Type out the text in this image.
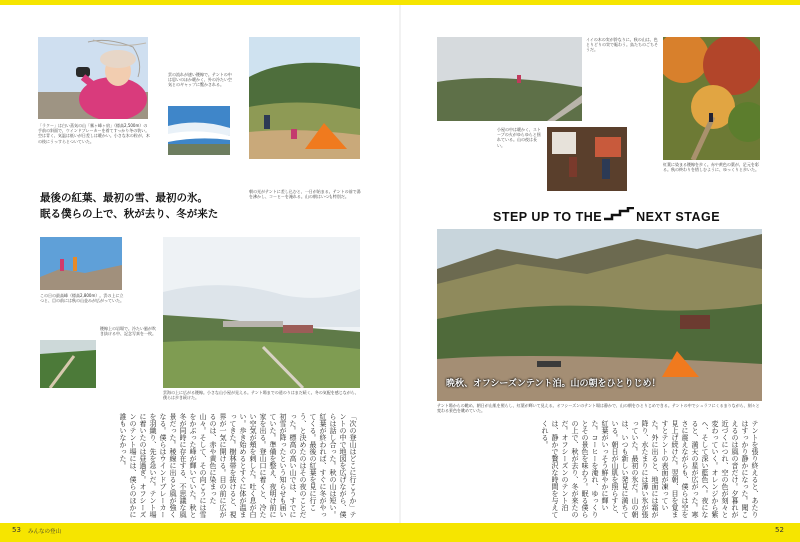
「ラクー」は白い蒸気の山「霧ヶ峰ヶ肩」（標高2,500m）の手前の斜面で、ウインドブレーカーを着てすっかり冬の装い。空は青く、気温は低いが日差しは暖かい。小さな氷の粒が、木の枝にうっすらとついていた。
雲の流れが速い稜線で。テントの中は思いのほか暖かく、外の冷たい空気とのギャップに驚かされる。
朝の光がテントに差し込むと、一日が始まる。テントの前で湯を沸かし、コーヒーを淹れる。山の朝はいつも特別だ。
最後の紅葉、最初の雪、最初の氷。
眠る僕らの上で、秋が去り、冬が来た
この日の最高峰（標高2,800m）。雲の上に立つと、目の前には秋の山並みが広がっていた。
稜線上の岩場で。冷たい風が吹き抜ける中、記念写真を一枚。
雲海の上に広がる稜線。小さな山小屋が見える。テント場までの道のりはまだ続く。冬の気配を感じながら、僕らは歩き続けた。
「次の登山はどこに行こうか」テントの中で地図を広げながら、僕らは話し合った。秋の山は短い。紅葉が終われば、すぐに冬がやってくる。最後の紅葉を見に行こう、と決めたのはその夜のことだった。標高の高い山では、すでに初雪が降ったという知らせも届いていた。準備を整え、夜明け前に家を出る。登山口に着くと、冷たい空気が頬を刺した。吐く息が白い。歩き始めるとすぐに体が温まってきた。樹林帯を抜けると、視界が一気に開ける。目の前に広がるのは、赤や黄色に染まった山々。そして、その向こうには雪をかぶった峰が輝いていた。秋と冬が同時に存在する、不思議な風景だった。稜線に出ると風が強くなる。僕らはウインドブレーカーを羽織り、先を急いだ。テント場に着いたのは昼過ぎ。オフシーズンのテント場には、僕らのほかに誰もいなかった。
イイの木の実が鈴なりに。秋の山は、色とりどりの実で賑わう。鳥たちのごちそうだ。
小屋の中は暖かく、ストーブの火がゆらゆらと揺れている。山の夜は長い。
紅葉に染まる稜線を歩く。赤や黄色の葉が、足元を彩る。秋の終わりを惜しむように、ゆっくりと歩いた。
STEP UP TO THE	NEXT STAGE
晩秋、オフシーズンテント泊。山の朝をひとりじめ！
テント場からの眺め。朝日が山肌を照らし、紅葉が輝いて見える。オフシーズンのテント場は静かで、山の朝をひとりじめできる。テントの中でシュラフにくるまりながら、刻々と変わる景色を眺めていた。
テントを張り終えると、あたりはすっかり静かになった。聞こえるのは風の音だけ。夕暮れが近づくにつれ、空の色が刻々と変わっていく。オレンジから紫へ、そして深い藍色へ。夜になると、満天の星が広がった。寒さに震えながらも、僕らは空を見上げ続けた。翌朝、目を覚ますとテントの表面が凍っていた。外に出ると、地面には霜が降り、水たまりには薄い氷が張っていた。最初の氷だ。山の朝は、いつも新しい発見に満ちている。朝日が山肌を照らすと、紅葉がいっそう鮮やかに輝いた。コーヒーを淹れ、ゆっくりとその景色を味わう。眠る僕らの上で、秋が去り、冬が来たのだ。オフシーズンのテント泊は、静かで贅沢な時間を与えてくれる。
53 みんなの登山	52
